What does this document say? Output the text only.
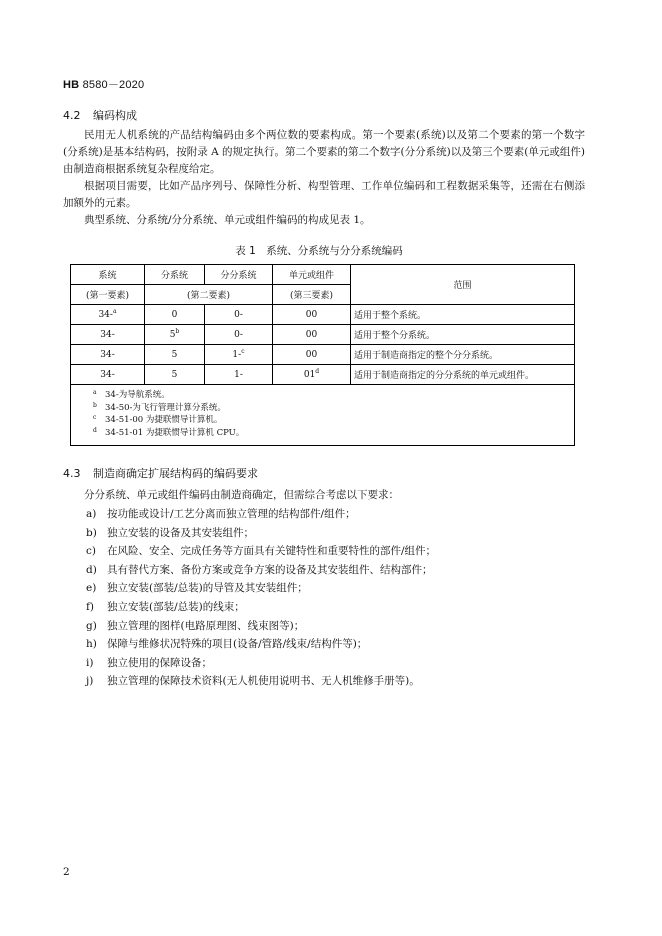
HB 8580－2020
4.2 编码构成

民用无人机系统的产品结构编码由多个两位数的要素构成。第一个要素(系统)以及第二个要素的第一个数字(分系统)是基本结构码，按附录 A 的规定执行。第二个要素的第二个数字(分分系统)以及第三个要素(单元或组件)由制造商根据系统复杂程度给定。

根据项目需要，比如产品序列号、保障性分析、构型管理、工作单位编码和工程数据采集等，还需在右侧添加额外的元素。

典型系统、分系统/分分系统、单元或组件编码的构成见表 1。

表 1　系统、分系统与分分系统编码
系统	分系统	分分系统	单元或组件	范围
(第一要素)	(第二要素)		(第三要素)	
34-$^a$	0	0-	00	适用于整个系统。
34-	5$^b$	0-	00	适用于整个分系统。
34-	5	1-$^c$	00	适用于制造商指定的整个分分系统。
34-	5	1-	01$^d$	适用于制造商指定的分分系统的单元或组件。

$^a$ 34-为导航系统。
$^b$ 34-50-为飞行管理计算分系统。
$^c$ 34-51-00 为捷联惯导计算机。
$^d$ 34-51-01 为捷联惯导计算机 CPU。				
4.3 制造商确定扩展结构码的编码要求

分分系统、单元或组件编码由制造商确定，但需综合考虑以下要求：

a) 按功能或设计/工艺分离而独立管理的结构部件/组件；
b) 独立安装的设备及其安装组件；
c) 在风险、安全、完成任务等方面具有关键特性和重要特性的部件/组件；
d) 具有替代方案、备份方案或竞争方案的设备及其安装组件、结构部件；
e) 独立安装(部装/总装)的导管及其安装组件；
f) 独立安装(部装/总装)的线束；
g) 独立管理的图样(电路原理图、线束图等)；
h) 保障与维修状况特殊的项目(设备/管路/线束/结构件等)；
i) 独立使用的保障设备；
j) 独立管理的保障技术资料(无人机使用说明书、无人机维修手册等)。
2
